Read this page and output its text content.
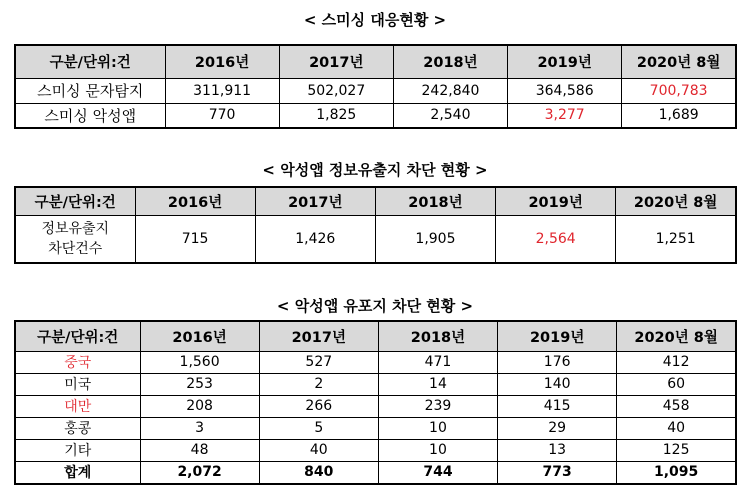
< 스미싱 대응현황 >
구분/단위:건	2016년	2017년	2018년	2019년	2020년 8월
스미싱 문자탐지	311,911	502,027	242,840	364,586	700,783
스미싱 악성앱	770	1,825	2,540	3,277	1,689
< 악성앱 정보유출지 차단 현황 >
구분/단위:건	2016년	2017년	2018년	2019년	2020년 8월

정보유출지
차단건수	715	1,426	1,905	2,564	1,251
< 악성앱 유포지 차단 현황 >
구분/단위:건	2016년	2017년	2018년	2019년	2020년 8월
중국	1,560	527	471	176	412
미국	253	2	14	140	60
대만	208	266	239	415	458
홍콩	3	5	10	29	40
기타	48	40	10	13	125
합계	2,072	840	744	773	1,095
